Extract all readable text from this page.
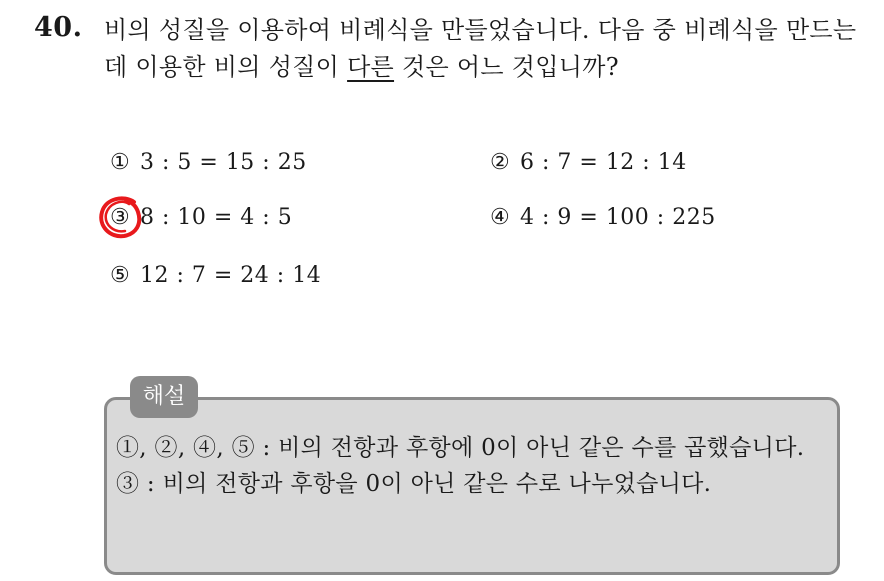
40. 비의 성질을 이용하여 비례식을 만들었습니다. 다음 중 비례식을 만드는 데 이용한 비의 성질이 다른 것은 어느 것입니까?
① 3 : 5 = 15 : 25	② 6 : 7 = 12 : 14
③ 8 : 10 = 4 : 5	④ 4 : 9 = 100 : 225
⑤ 12 : 7 = 24 : 14
해설
①, ②, ④, ⑤ : 비의 전항과 후항에 0이 아닌 같은 수를 곱했습니다.
③ : 비의 전항과 후항을 0이 아닌 같은 수로 나누었습니다.
